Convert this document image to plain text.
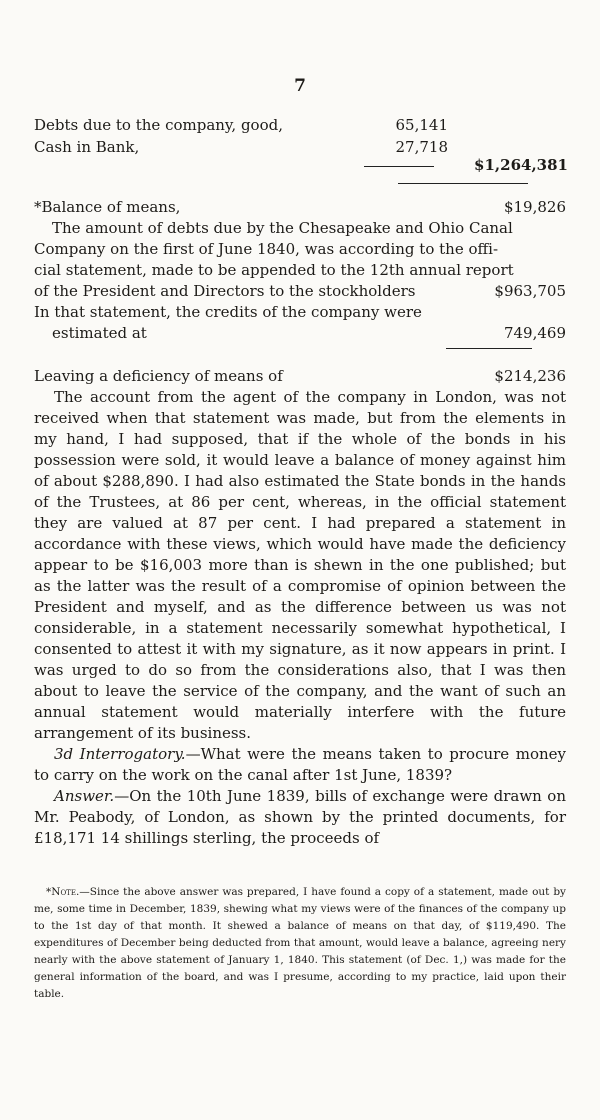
7
Debts due to the company, good,	65,141
Cash in Bank,	27,718
$1,264,381
*Balance of means,	$19,826
The amount of debts due by the Chesapeake and Ohio Canal
Company on the first of June 1840, was according to the offi-
cial statement, made to be appended to the 12th annual report
of the President and Directors to the stockholders	$963,705
In that statement, the credits of the company were
estimated at	749,469
Leaving a deficiency of means of	$214,236

The account from the agent of the company in London, was not received when that statement was made, but from the elements in my hand, I had supposed, that if the whole of the bonds in his possession were sold, it would leave a balance of money against him of about $288,890. I had also estimated the State bonds in the hands of the Trustees, at 86 per cent, whereas, in the official statement they are valued at 87 per cent. I had prepared a statement in accordance with these views, which would have made the deficiency appear to be $16,003 more than is shewn in the one published; but as the latter was the result of a compromise of opinion between the President and myself, and as the difference between us was not considerable, in a statement necessarily somewhat hypothetical, I consented to attest it with my signature, as it now appears in print. I was urged to do so from the considerations also, that I was then about to leave the service of the company, and the want of such an annual statement would materially interfere with the future arrangement of its business.

3d Interrogatory.—What were the means taken to procure money to carry on the work on the canal after 1st June, 1839?

Answer.—On the 10th June 1839, bills of exchange were drawn on Mr. Peabody, of London, as shown by the printed documents, for £18,171 14 shillings sterling, the proceeds of

*Note.—Since the above answer was prepared, I have found a copy of a statement, made out by me, some time in December, 1839, shewing what my views were of the finances of the company up to the 1st day of that month. It shewed a balance of means on that day, of $119,490. The expenditures of December being deducted from that amount, would leave a balance, agreeing nery nearly with the above statement of January 1, 1840. This statement (of Dec. 1,) was made for the general information of the board, and was I presume, according to my practice, laid upon their table.
